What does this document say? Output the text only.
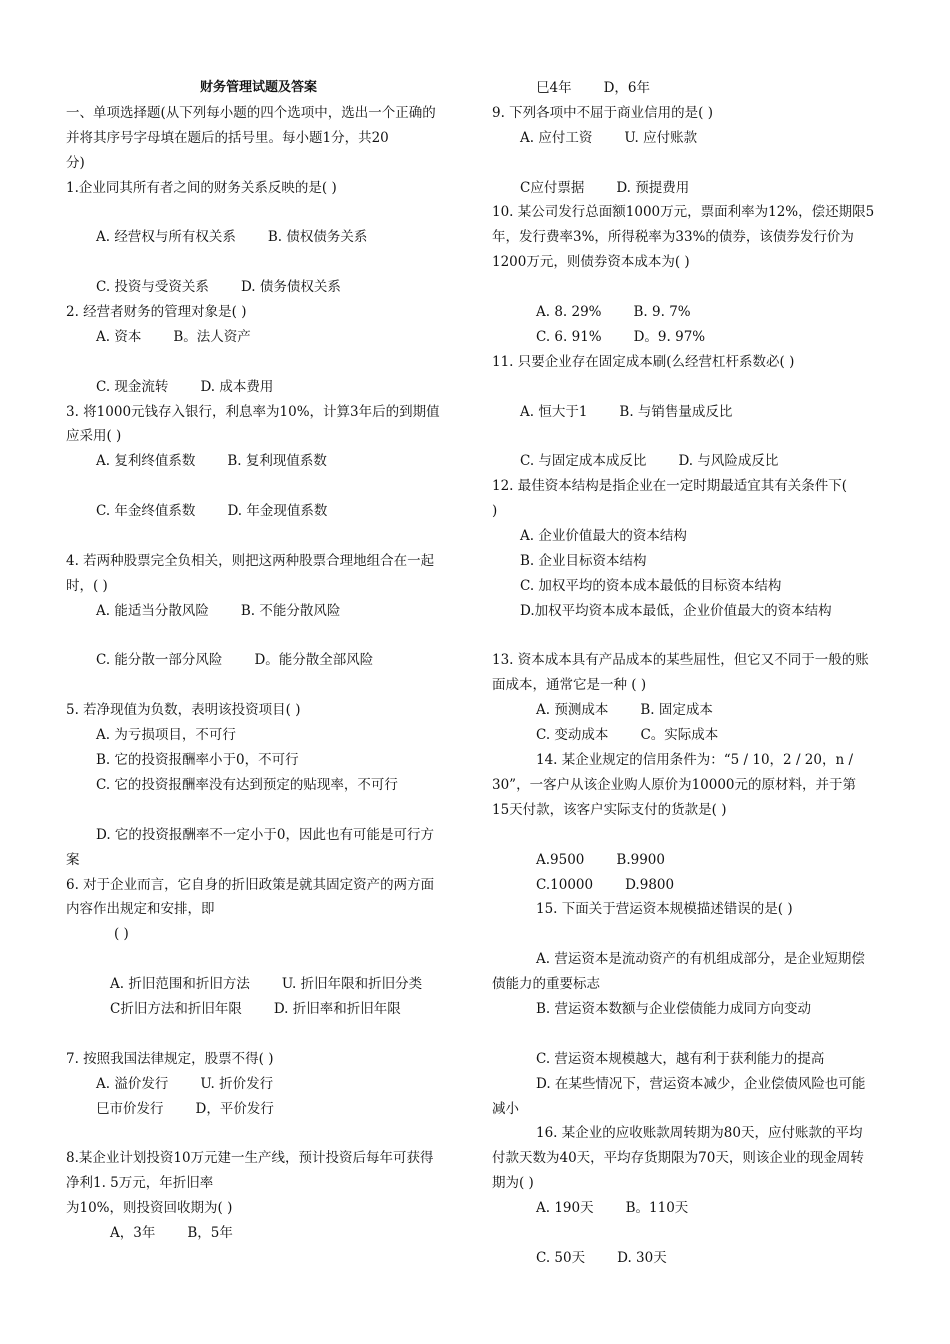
财务管理试题及答案
一、单项选择题(从下列每小题的四个选项中，选出一个正确的
并将其序号字母填在题后的括号里。每小题1分，共20
分)
1.企业同其所有者之间的财务关系反映的是( )
A. 经营权与所有权关系 B. 债权债务关系
C. 投资与受资关系 D. 债务债权关系
2. 经营者财务的管理对象是( )
A. 资本 B。法人资产
C. 现金流转 D. 成本费用
3. 将1000元钱存入银行，利息率为10%，计算3年后的到期值
应采用( )
A. 复利终值系数 B. 复利现值系数
C. 年金终值系数 D. 年金现值系数
4. 若两种股票完全负相关，则把这两种股票合理地组合在一起
时，( )
A. 能适当分散风险 B. 不能分散风险
C. 能分散一部分风险 D。能分散全部风险
5. 若净现值为负数，表明该投资项目( )
A. 为亏损项目，不可行
B. 它的投资报酬率小于0，不可行
C. 它的投资报酬率没有达到预定的贴现率，不可行
D. 它的投资报酬率不一定小于0，因此也有可能是可行方
案
6. 对于企业而言，它自身的折旧政策是就其固定资产的两方面
内容作出规定和安排，即
( )
A. 折旧范围和折旧方法 U. 折旧年限和折旧分类
C折旧方法和折旧年限 D. 折旧率和折旧年限
7. 按照我国法律规定，股票不得( )
A. 溢价发行 U. 折价发行
巳市价发行 D，平价发行
8.某企业计划投资10万元建一生产线，预计投资后每年可获得
净利1. 5万元，年折旧率
为10%，则投资回收期为( )
A，3年 B，5年
巳4年 D，6年
9. 下列各项中不屈于商业信用的是( )
A. 应付工资 U. 应付账款
C应付票据 D. 预提费用
10. 某公司发行总面额1000万元，票面利率为12%，偿还期限5
年，发行费率3%，所得税率为33%的债券，该债券发行价为
1200万元，则债券资本成本为( )
A. 8. 29% B. 9. 7%
C. 6. 91% D。9. 97%
11. 只要企业存在固定成本刷(么经营杠杆系数必( )
A. 恒大于1 B. 与销售量成反比
C. 与固定成本成反比 D. 与风险成反比
12. 最佳资本结构是指企业在一定时期最适宜其有关条件下(
)
A. 企业价值最大的资本结构
B. 企业目标资本结构
C. 加权平均的资本成本最低的目标资本结构
D.加权平均资本成本最低，企业价值最大的资本结构
13. 资本成本具有产品成本的某些屈性，但它又不同于一般的账
面成本，通常它是一种 ( )
A. 预测成本 B. 固定成本
C. 变动成本 C。实际成本
14. 某企业规定的信用条件为：“5 / 10，2 / 20，n /
30”，一客户从该企业购人原价为10000元的原材料，并于第
15天付款，该客户实际支付的货款是( )
A.9500 B.9900
C.10000 D.9800
15. 下面关于营运资本规模描述错误的是( )
A. 营运资本是流动资产的有机组成部分，是企业短期偿
债能力的重要标志
B. 营运资本数额与企业偿债能力成同方向变动
C. 营运资本规模越大，越有利于获利能力的提高
D. 在某些情况下，营运资本减少，企业偿债风险也可能
减小
16. 某企业的应收账款周转期为80天，应付账款的平均
付款天数为40天，平均存货期限为70天，则该企业的现金周转
期为( )
A. 190天 B。110天
C. 50天 D. 30天
